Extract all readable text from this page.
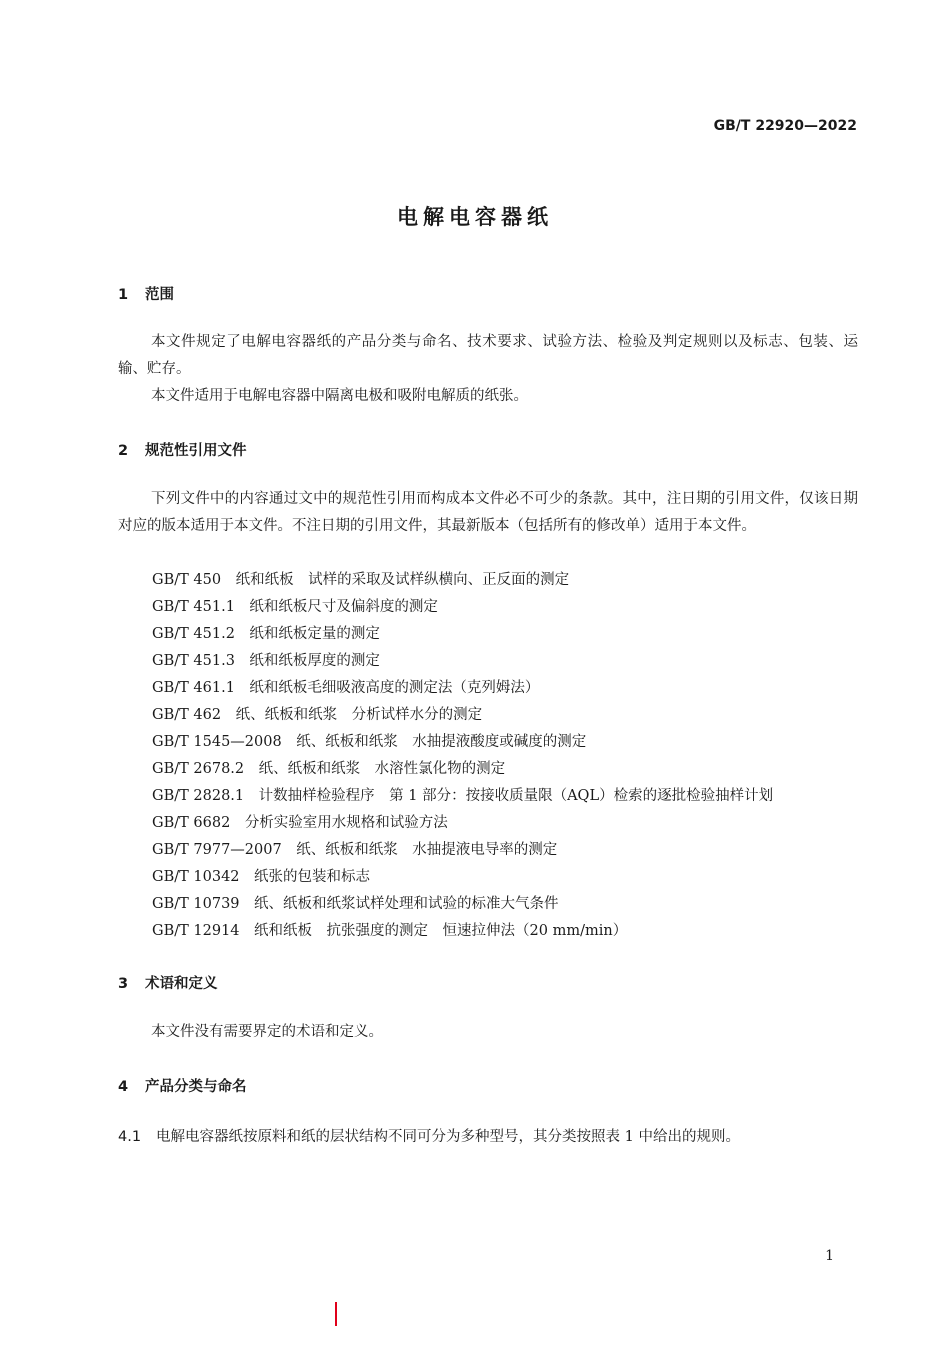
GB/T 22920—2022
电解电容器纸
1 范围

本文件规定了电解电容器纸的产品分类与命名、技术要求、试验方法、检验及判定规则以及标志、包装、运输、贮存。

本文件适用于电解电容器中隔离电极和吸附电解质的纸张。

2 规范性引用文件

下列文件中的内容通过文中的规范性引用而构成本文件必不可少的条款。其中，注日期的引用文件，仅该日期对应的版本适用于本文件。不注日期的引用文件，其最新版本（包括所有的修改单）适用于本文件。

GB/T 450　 纸和纸板　试样的采取及试样纵横向、正反面的测定
GB/T 451.1　 纸和纸板尺寸及偏斜度的测定
GB/T 451.2　 纸和纸板定量的测定
GB/T 451.3　 纸和纸板厚度的测定
GB/T 461.1　 纸和纸板毛细吸液高度的测定法（克列姆法）
GB/T 462　 纸、纸板和纸浆　分析试样水分的测定
GB/T 1545—2008　 纸、纸板和纸浆　水抽提液酸度或碱度的测定
GB/T 2678.2　 纸、纸板和纸浆　水溶性氯化物的测定
GB/T 2828.1　 计数抽样检验程序　第 1 部分：按接收质量限（AQL）检索的逐批检验抽样计划
GB/T 6682　 分析实验室用水规格和试验方法
GB/T 7977—2007　 纸、纸板和纸浆　水抽提液电导率的测定
GB/T 10342　 纸张的包装和标志
GB/T 10739　 纸、纸板和纸浆试样处理和试验的标准大气条件
GB/T 12914　 纸和纸板　抗张强度的测定　恒速拉伸法（20 mm/min）
3 术语和定义

本文件没有需要界定的术语和定义。

4 产品分类与命名
4.1 电解电容器纸按原料和纸的层状结构不同可分为多种型号，其分类按照表 1 中给出的规则。
1
